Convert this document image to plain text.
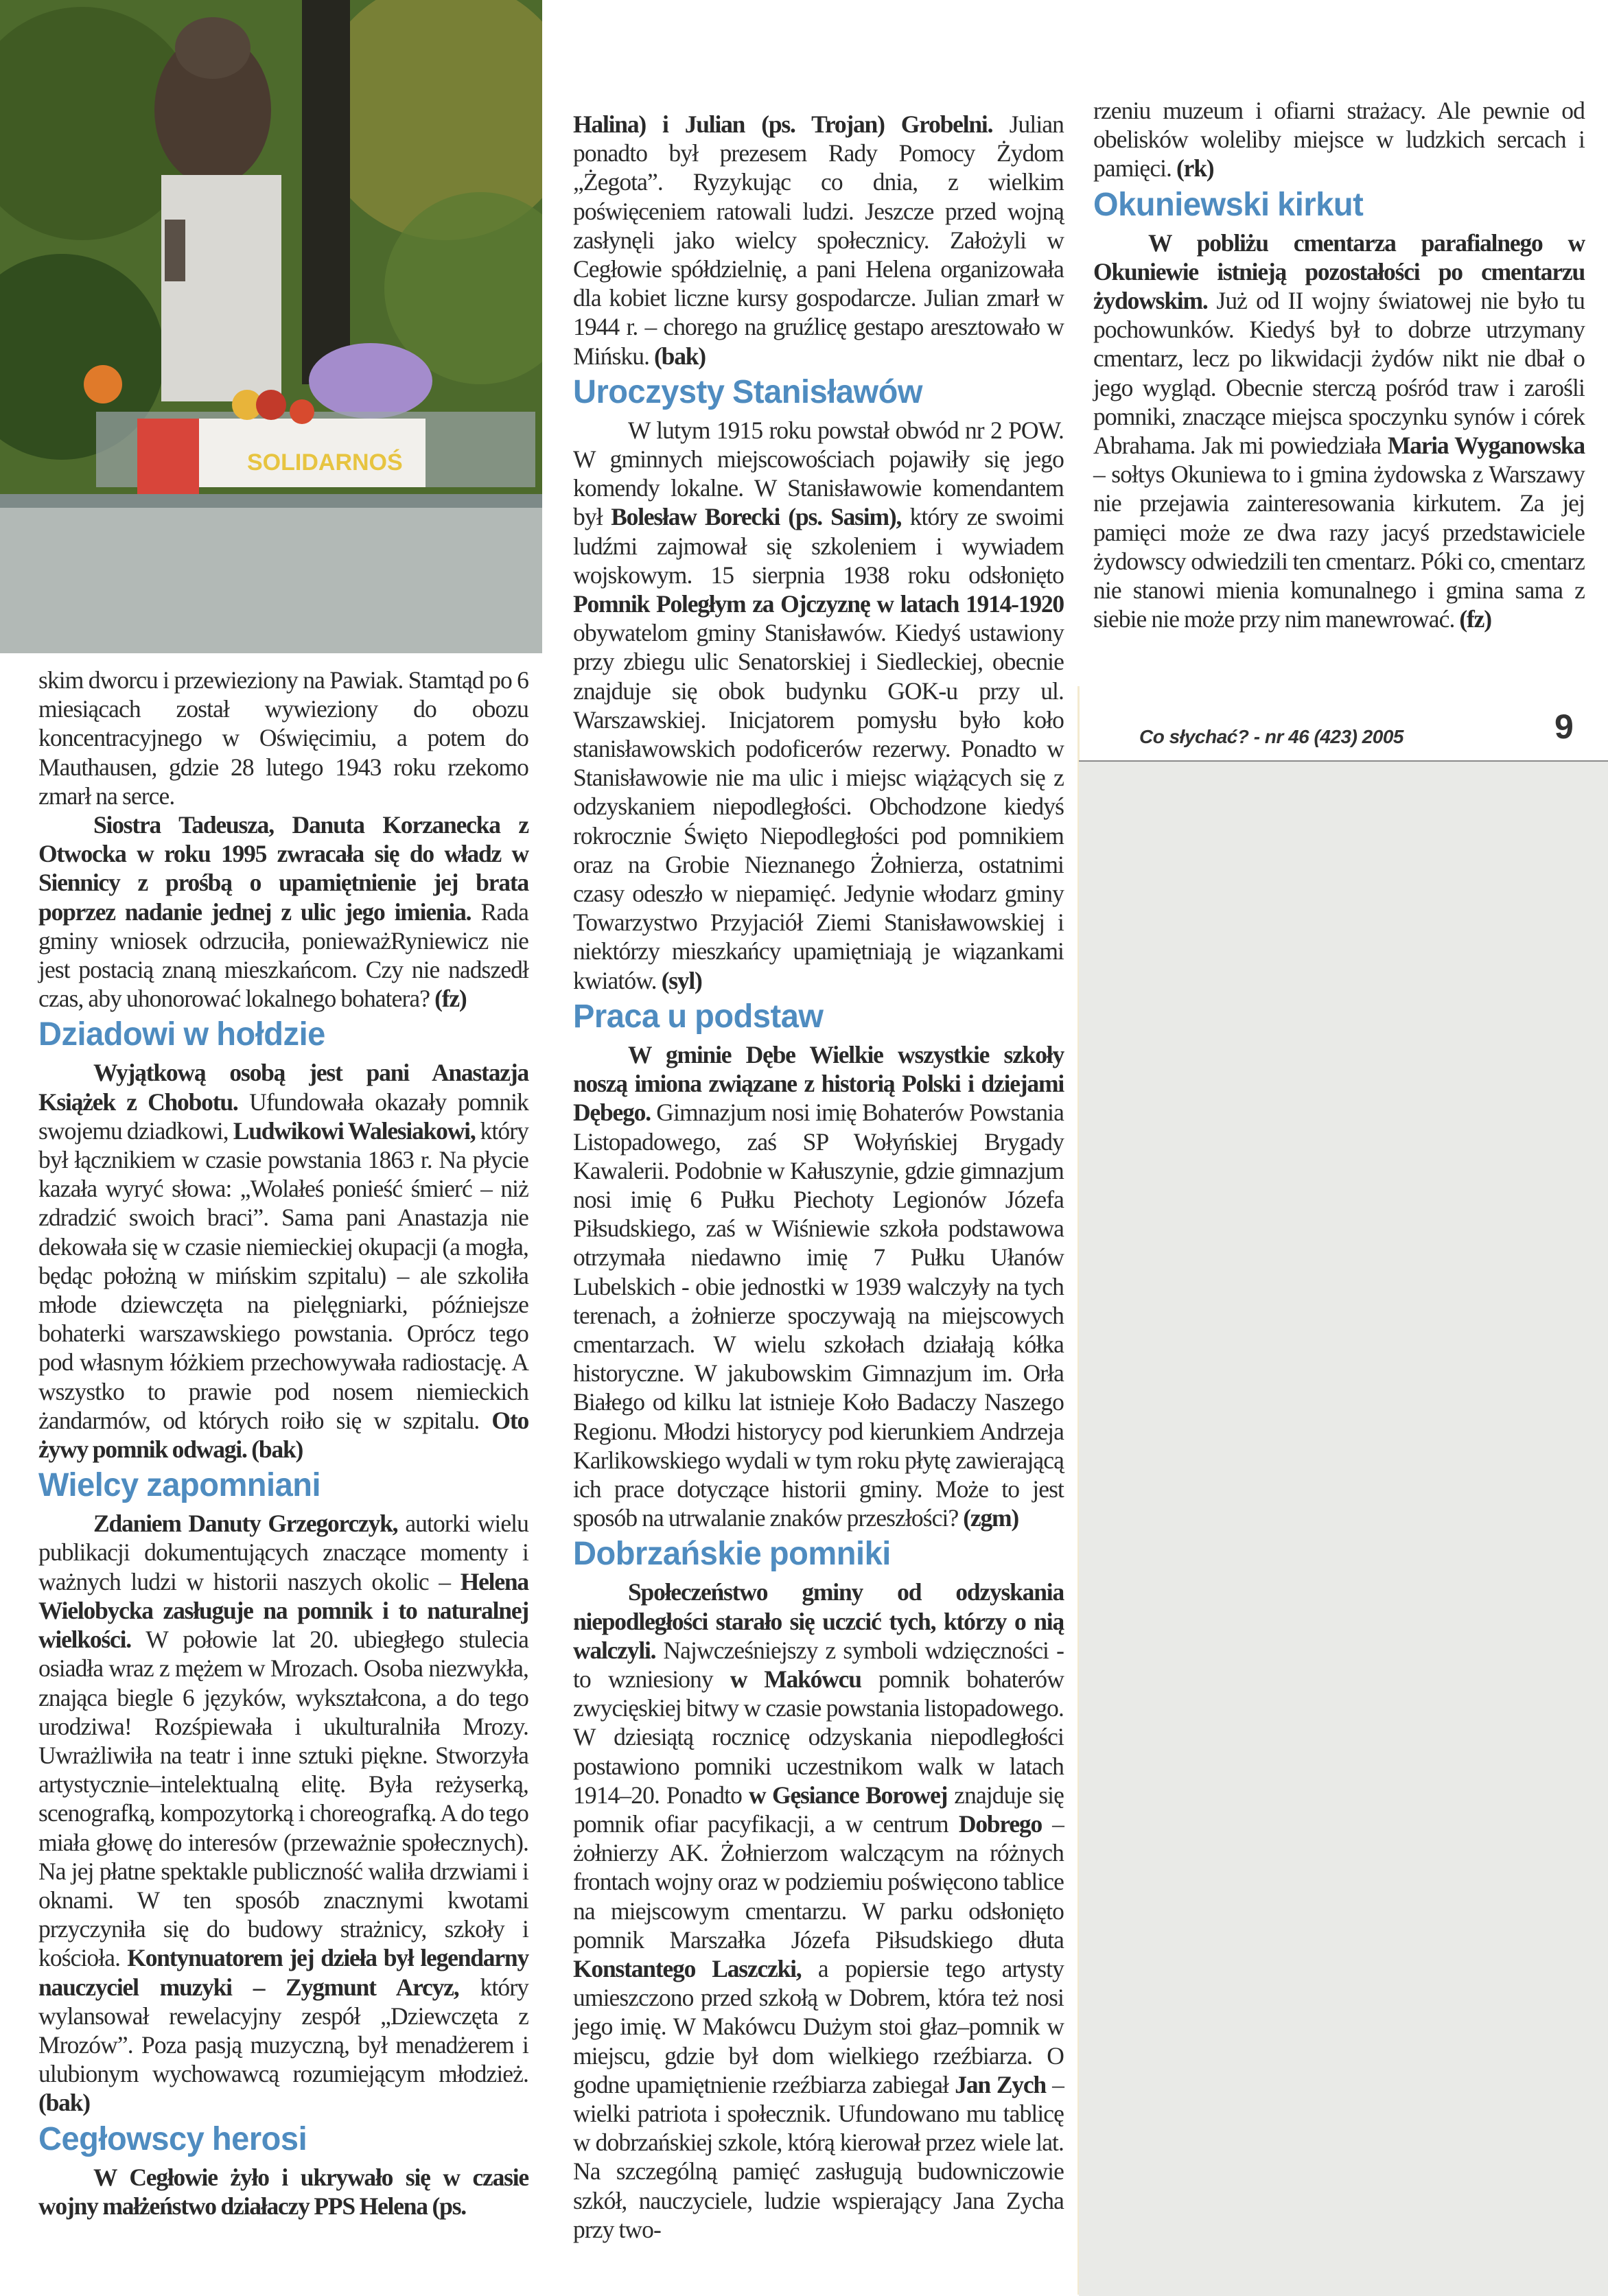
SOLIDARNOŚ

skim dworcu i przewieziony na Pawiak. Stamtąd po 6 miesiącach został wywieziony do obozu koncentracyjnego w Oświęcimiu, a potem do Mauthausen, gdzie 28 lutego 1943 roku rzekomo zmarł na serce.

Siostra Tadeusza, Danuta Korzanecka z Otwocka w roku 1995 zwracała się do władz w Siennicy z prośbą o upamiętnienie jej brata poprzez nadanie jednej z ulic jego imienia. Rada gminy wniosek odrzuciła, ponieważRyniewicz nie jest postacią znaną mieszkańcom. Czy nie nadszedł czas, aby uhonorować lokalnego bohatera? (fz)

Dziadowi w hołdzie

Wyjątkową osobą jest pani Anastazja Książek z Chobotu. Ufundowała okazały pomnik swojemu dziadkowi, Ludwikowi Walesiakowi, który był łącznikiem w czasie powstania 1863 r. Na płycie kazała wyryć słowa: „Wolałeś ponieść śmierć – niż zdradzić swoich braci”. Sama pani Anastazja nie dekowała się w czasie niemieckiej okupacji (a mogła, będąc położną w mińskim szpitalu) – ale szkoliła młode dziewczęta na pielęgniarki, późniejsze bohaterki warszawskiego powstania. Oprócz tego pod własnym łóżkiem przechowywała radiostację. A wszystko to prawie pod nosem niemieckich żandarmów, od których roiło się w szpitalu. Oto żywy pomnik odwagi. (bak)

Wielcy zapomniani

Zdaniem Danuty Grzegorczyk, autorki wielu publikacji dokumentujących znaczące momenty i ważnych ludzi w historii naszych okolic – Helena Wielobycka zasługuje na pomnik i to naturalnej wielkości. W połowie lat 20. ubiegłego stulecia osiadła wraz z mężem w Mrozach. Osoba niezwykła, znająca biegle 6 języków, wykształcona, a do tego urodziwa! Rozśpiewała i ukulturalniła Mrozy. Uwrażliwiła na teatr i inne sztuki piękne. Stworzyła artystycznie–intelektualną elitę. Była reżyserką, scenografką, kompozytorką i choreografką. A do tego miała głowę do interesów (przeważnie społecznych). Na jej płatne spektakle publiczność waliła drzwiami i oknami. W ten sposób znacznymi kwotami przyczyniła się do budowy strażnicy, szkoły i kościoła. Kontynuatorem jej dzieła był legendarny nauczyciel muzyki – Zygmunt Arcyz, który wylansował rewelacyjny zespół „Dziewczęta z Mrozów”. Poza pasją muzyczną, był menadżerem i ulubionym wychowawcą rozumiejącym młodzież. (bak)

Cegłowscy herosi

W Cegłowie żyło i ukrywało się w czasie wojny małżeństwo działaczy PPS Helena (ps.

Halina) i Julian (ps. Trojan) Grobelni. Julian ponadto był prezesem Rady Pomocy Żydom „Żegota”. Ryzykując co dnia, z wielkim poświęceniem ratowali ludzi. Jeszcze przed wojną zasłynęli jako wielcy społecznicy. Założyli w Cegłowie spółdzielnię, a pani Helena organizowała dla kobiet liczne kursy gospodarcze. Julian zmarł w 1944 r. – chorego na gruźlicę gestapo aresztowało w Mińsku. (bak)

Uroczysty Stanisławów

W lutym 1915 roku powstał obwód nr 2 POW. W gminnych miejscowościach pojawiły się jego komendy lokalne. W Stanisławowie komendantem był Bolesław Borecki (ps. Sasim), który ze swoimi ludźmi zajmował się szkoleniem i wywiadem wojskowym. 15 sierpnia 1938 roku odsłonięto Pomnik Poległym za Ojczyznę w latach 1914-1920 obywatelom gminy Stanisławów. Kiedyś ustawiony przy zbiegu ulic Senatorskiej i Siedleckiej, obecnie znajduje się obok budynku GOK-u przy ul. Warszawskiej. Inicjatorem pomysłu było koło stanisławowskich podoficerów rezerwy. Ponadto w Stanisławowie nie ma ulic i miejsc wiążących się z odzyskaniem niepodległości. Obchodzone kiedyś rokrocznie Święto Niepodległości pod pomnikiem oraz na Grobie Nieznanego Żołnierza, ostatnimi czasy odeszło w niepamięć. Jedynie włodarz gminy Towarzystwo Przyjaciół Ziemi Stanisławowskiej i niektórzy mieszkańcy upamiętniają je wiązankami kwiatów. (syl)

Praca u podstaw

W gminie Dębe Wielkie wszystkie szkoły noszą imiona związane z historią Polski i dziejami Dębego. Gimnazjum nosi imię Bohaterów Powstania Listopadowego, zaś SP Wołyńskiej Brygady Kawalerii. Podobnie w Kałuszynie, gdzie gimnazjum nosi imię 6 Pułku Piechoty Legionów Józefa Piłsudskiego, zaś w Wiśniewie szkoła podstawowa otrzymała niedawno imię 7 Pułku Ułanów Lubelskich - obie jednostki w 1939 walczyły na tych terenach, a żołnierze spoczywają na miejscowych cmentarzach. W wielu szkołach działają kółka historyczne. W jakubowskim Gimnazjum im. Orła Białego od kilku lat istnieje Koło Badaczy Naszego Regionu. Młodzi historycy pod kierunkiem Andrzeja Karlikowskiego wydali w tym roku płytę zawierającą ich prace dotyczące historii gminy. Może to jest sposób na utrwalanie znaków przeszłości? (zgm)

Dobrzańskie pomniki

Społeczeństwo gminy od odzyskania niepodległości starało się uczcić tych, którzy o nią walczyli. Najwcześniejszy z symboli wdzięczności - to wzniesiony w Makówcu pomnik bohaterów zwycięskiej bitwy w czasie powstania listopadowego. W dziesiątą rocznicę odzyskania niepodległości postawiono pomniki uczestnikom walk w latach 1914–20. Ponadto w Gęsiance Borowej znajduje się pomnik ofiar pacyfikacji, a w centrum Dobrego – żołnierzy AK. Żołnierzom walczącym na różnych frontach wojny oraz w podziemiu poświęcono tablice na miejscowym cmentarzu. W parku odsłonięto pomnik Marszałka Józefa Piłsudskiego dłuta Konstantego Laszczki, a popiersie tego artysty umieszczono przed szkołą w Dobrem, która też nosi jego imię. W Makówcu Dużym stoi głaz–pomnik w miejscu, gdzie był dom wielkiego rzeźbiarza. O godne upamiętnienie rzeźbiarza zabiegał Jan Zych – wielki patriota i społecznik. Ufundowano mu tablicę w dobrzańskiej szkole, którą kierował przez wiele lat. Na szczególną pamięć zasługują budowniczowie szkół, nauczyciele, ludzie wspierający Jana Zycha przy two-

rzeniu muzeum i ofiarni strażacy. Ale pewnie od obelisków woleliby miejsce w ludzkich sercach i pamięci. (rk)

Okuniewski kirkut

W pobliżu cmentarza parafialnego w Okuniewie istnieją pozostałości po cmentarzu żydowskim. Już od II wojny światowej nie było tu pochowunków. Kiedyś był to dobrze utrzymany cmentarz, lecz po likwidacji żydów nikt nie dbał o jego wygląd. Obecnie sterczą pośród traw i zarośli pomniki, znaczące miejsca spoczynku synów i córek Abrahama. Jak mi powiedziała Maria Wyganowska – sołtys Okuniewa to i gmina żydowska z Warszawy nie przejawia zainteresowania kirkutem. Za jej pamięci może ze dwa razy jacyś przedstawiciele żydowscy odwiedzili ten cmentarz. Póki co, cmentarz nie stanowi mienia komunalnego i gmina sama z siebie nie może przy nim manewrować. (fz)

Co słychać? - nr 46 (423) 2005	9
